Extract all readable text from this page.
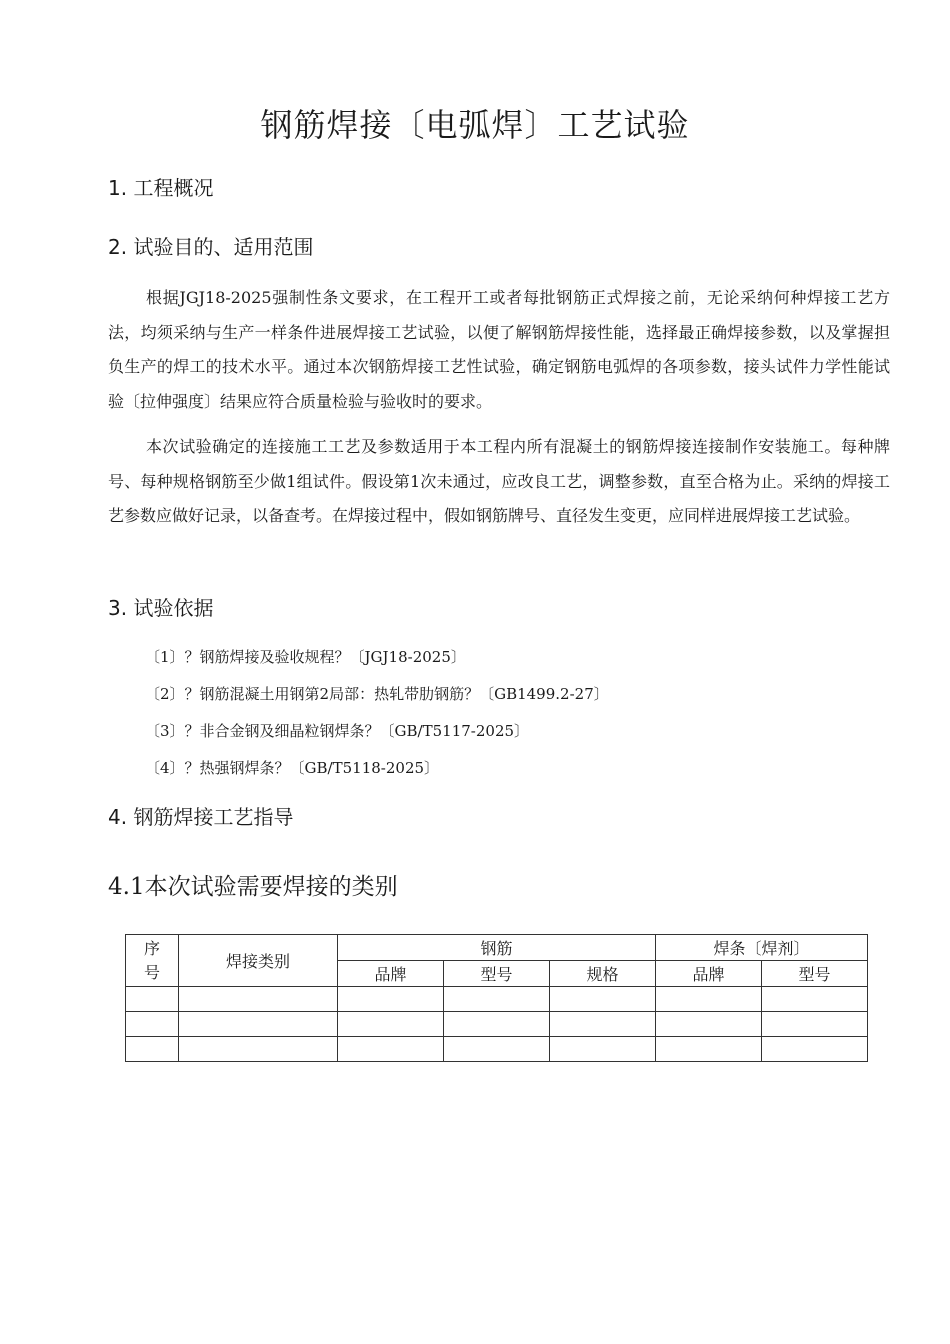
钢筋焊接〔电弧焊〕工艺试验
1. 工程概况
2. 试验目的、适用范围
根据JGJ18-2025强制性条文要求，在工程开工或者每批钢筋正式焊接之前，无论采纳何种焊接工艺方法，均须采纳与生产一样条件进展焊接工艺试验，以便了解钢筋焊接性能，选择最正确焊接参数，以及掌握担负生产的焊工的技术水平。通过本次钢筋焊接工艺性试验，确定钢筋电弧焊的各项参数，接头试件力学性能试验〔拉伸强度〕结果应符合质量检验与验收时的要求。
本次试验确定的连接施工工艺及参数适用于本工程内所有混凝土的钢筋焊接连接制作安装施工。每种牌号、每种规格钢筋至少做1组试件。假设第1次未通过，应改良工艺，调整参数，直至合格为止。采纳的焊接工艺参数应做好记录，以备查考。在焊接过程中，假如钢筋牌号、直径发生变更，应同样进展焊接工艺试验。
3. 试验依据
〔1〕？钢筋焊接及验收规程？〔JGJ18-2025〕
〔2〕？钢筋混凝土用钢第2局部：热轧带肋钢筋？〔GB1499.2-27〕
〔3〕？非合金钢及细晶粒钢焊条？〔GB/T5117-2025〕
〔4〕？热强钢焊条？〔GB/T5118-2025〕
4. 钢筋焊接工艺指导
4.1本次试验需要焊接的类别
序
号	焊接类别	钢筋			焊条〔焊剂〕	
		品牌	型号	规格	品牌	型号
